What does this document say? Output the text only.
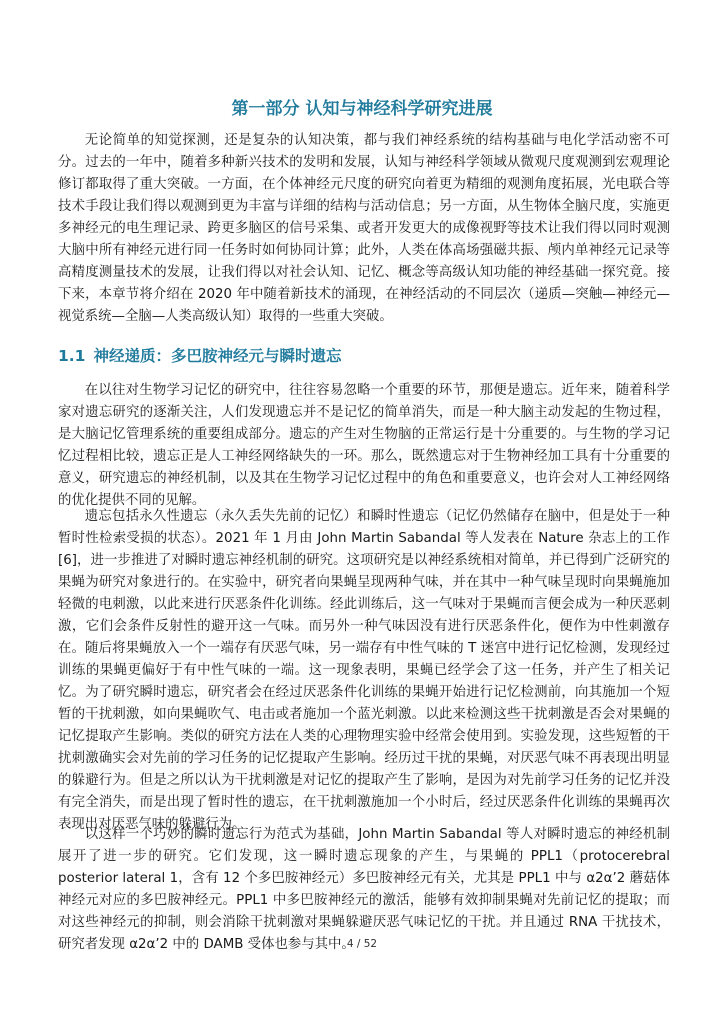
第一部分 认知与神经科学研究进展

无论简单的知觉探测，还是复杂的认知决策，都与我们神经系统的结构基础与电化学活动密不可分。过去的一年中，随着多种新兴技术的发明和发展，认知与神经科学领域从微观尺度观测到宏观理论修订都取得了重大突破。一方面，在个体神经元尺度的研究向着更为精细的观测角度拓展，光电联合等技术手段让我们得以观测到更为丰富与详细的结构与活动信息；另一方面，从生物体全脑尺度，实施更多神经元的电生理记录、跨更多脑区的信号采集、或者开发更大的成像视野等技术让我们得以同时观测大脑中所有神经元进行同一任务时如何协同计算；此外，人类在体高场强磁共振、颅内单神经元记录等高精度测量技术的发展，让我们得以对社会认知、记忆、概念等高级认知功能的神经基础一探究竟。接下来，本章节将介绍在 2020 年中随着新技术的涌现，在神经活动的不同层次（递质—突触—神经元—视觉系统—全脑—人类高级认知）取得的一些重大突破。

1.1 神经递质：多巴胺神经元与瞬时遗忘

在以往对生物学习记忆的研究中，往往容易忽略一个重要的环节，那便是遗忘。近年来，随着科学家对遗忘研究的逐渐关注，人们发现遗忘并不是记忆的简单消失，而是一种大脑主动发起的生物过程，是大脑记忆管理系统的重要组成部分。遗忘的产生对生物脑的正常运行是十分重要的。与生物的学习记忆过程相比较，遗忘正是人工神经网络缺失的一环。那么，既然遗忘对于生物神经加工具有十分重要的意义，研究遗忘的神经机制，以及其在生物学习记忆过程中的角色和重要意义，也许会对人工神经网络的优化提供不同的见解。

遗忘包括永久性遗忘（永久丢失先前的记忆）和瞬时性遗忘（记忆仍然储存在脑中，但是处于一种暂时性检索受损的状态）。2021 年 1 月由 John Martin Sabandal 等人发表在 Nature 杂志上的工作[6]，进一步推进了对瞬时遗忘神经机制的研究。这项研究是以神经系统相对简单，并已得到广泛研究的果蝇为研究对象进行的。在实验中，研究者向果蝇呈现两种气味，并在其中一种气味呈现时向果蝇施加轻微的电刺激，以此来进行厌恶条件化训练。经此训练后，这一气味对于果蝇而言便会成为一种厌恶刺激，它们会条件反射性的避开这一气味。而另外一种气味因没有进行厌恶条件化，便作为中性刺激存在。随后将果蝇放入一个一端存有厌恶气味，另一端存有中性气味的 T 迷宫中进行记忆检测，发现经过训练的果蝇更偏好于有中性气味的一端。这一现象表明，果蝇已经学会了这一任务，并产生了相关记忆。为了研究瞬时遗忘，研究者会在经过厌恶条件化训练的果蝇开始进行记忆检测前，向其施加一个短暂的干扰刺激，如向果蝇吹气、电击或者施加一个蓝光刺激。以此来检测这些干扰刺激是否会对果蝇的记忆提取产生影响。类似的研究方法在人类的心理物理实验中经常会使用到。实验发现，这些短暂的干扰刺激确实会对先前的学习任务的记忆提取产生影响。经历过干扰的果蝇，对厌恶气味不再表现出明显的躲避行为。但是之所以认为干扰刺激是对记忆的提取产生了影响，是因为对先前学习任务的记忆并没有完全消失，而是出现了暂时性的遗忘，在干扰刺激施加一个小时后，经过厌恶条件化训练的果蝇再次表现出对厌恶气味的躲避行为。

以这样一个巧妙的瞬时遗忘行为范式为基础，John Martin Sabandal 等人对瞬时遗忘的神经机制展开了进一步的研究。它们发现，这一瞬时遗忘现象的产生，与果蝇的 PPL1（protocerebral posterior lateral 1，含有 12 个多巴胺神经元）多巴胺神经元有关，尤其是 PPL1 中与 α2α’2 蘑菇体神经元对应的多巴胺神经元。PPL1 中多巴胺神经元的激活，能够有效抑制果蝇对先前记忆的提取；而对这些神经元的抑制，则会消除干扰刺激对果蝇躲避厌恶气味记忆的干扰。并且通过 RNA 干扰技术，研究者发现 α2α’2 中的 DAMB 受体也参与其中。

4 / 52
